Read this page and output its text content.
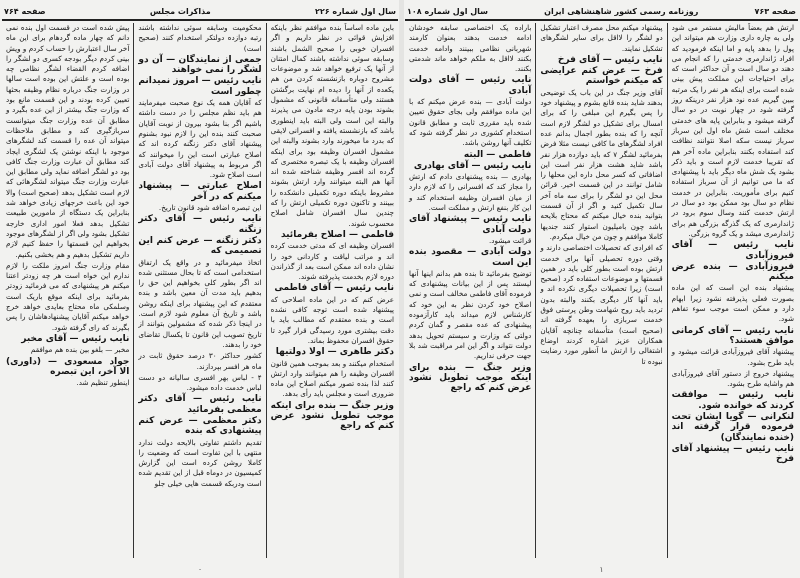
سال اول شماره ۲۲۶
مذاکرات مجلس
صفحه ۷۶۴

باین ماده اساساً بنده موافقم نظر باینکه افزایش قوائی در نظر داریم و اگر افسران خوبی را صحیح الشمل باشند وسابقه سوئی نداشته باشند کمال امتنان از آنها یک ترفیع خواهد شد و موضوعات مشروح دوباره بازنشسته کردن من هم یکعده از آنها را دیده ام نهایت برگشتن هستند ولی متأسفانه قانونی که مشمول بشوند بودن پایه درجه مادون می پذیرند والبته این است ولی البته باید اینطوری باشد که بازنشسته یافته و افسرانی لایقی که بدرد ما میخورند وارد بشوند والبته این مشمول افسران وظیفه بود برای اینکه افسران وظیفه با یک تبصره مختصری که گرده اند افسر وظیفه شناخته شده اند آنها هم البته میتوانند وارد ارتش بشوند مشروط باینکه دوره تکمیلی دانشکده را ببینند و تاکنون دوره تکمیلی ارتش را که چندین سال افسران شامل اصلاح محسوب شوند.

فاطمی — اصلاح بفرمائید

افسران وظیفه ای که مدتی خدمت کرده اند و مراتب لیاقت و کاردانی خود را نشان داده اند ممکن است بعد از گذراندن دوره لازم بخدمت پذیرفته شوند.

نایب رئیس — آقای فاطمی

عرض کنم که در این ماده اصلاحی که پیشنهاد شده است توجه کافی نشده است و بنده معتقدم که مطالب باید با دقت بیشتری مورد رسیدگی قرار گیرد تا حقوق افسران محفوظ بماند.

دکتر طاهری — اولا دولتیها

استخدام میکنند و بعد بموجب همین قانون افسران وظیفه را هم میتوانند وارد ارتش کنند لذا بنده تصور میکنم اصلاح این ماده ضروری است و مجلس باید رأی بدهد.

وزیر جنگ — بنده برای اینکه موجب تطویل نشود عرض کنم که راجع

محکومیت وسابقه سوئی نداشته باشند رتبه دوازده دولتکر استخدام کنند (صحیح است)

جمعی از نمایندگان — آن دو لشگر را نمی خواهند

نایب رئیس — امروز نمیدانم چطور است

که آقایان همه یک نوع صحبت میفرمایند هم باید نظم مجلس را در دست داشته باشیم اگر بنا بشود بیرون از نوبت آقایان صحبت کنند بنده این را لازم نبود بشنوم پیشنهاد آقای دکتر زنگنه کرده اند که اصلاح عبارتی است این را میخوانند که اگر مربوط به پیشنهاد آقای دولت آبادی است اصلاح شود.

اصلاح عبارتی — پیشنهاد میکنم که در آخر

این تبصره اضافه شود قانون تاریخ.

نایب رئیس — آقای دکتر زنگنه

دکتر زنگنه — عرض کنم این تصمیمی که

اتخاذ میفرمائید و در واقع یک ارتفاق استخدامی است که تا بحال مستثنی شده اند اگر بطور کلی بخواهیم این حق را بدهیم باید مدت آن معین باشد و بنده معتقدم که این پیشنهاد برای اینکه روشن باشد و تاریخ آن معلوم شود لازم است. در اینجا ذکر شده که مشمولین بتوانند از تاریخ تصویب این قانون تا یکسال تقاضای خود را بدهند.

کشور حداکثر ۳۰ درصد حقوق ثابت در ماه هر افسر بپردازند.

۴ - لباس بهر افسری سالیانه دو دست لباس خدمت داده میشود.

نایب رئیس — آقای دکتر معظمی بفرمائید

دکتر معظمی — عرض کنم پیشنهادی که بنده

تقدیم داشتم تفاوتی بالایحه دولت ندارد منتهی با این تفاوت است که وضعیت را کاملا روشن کرده است این گزارش کمیسیون در دوماه قبل از این تقدیم شده است ودربکه قسمت هایی خیلی جلو

پیش شده است در قسمت اول بنده نمی دانم که چهار ماده گردهام برای این ماه آخر سال اعتبارش را حساب کردم و ویش بینی کردم دیگر بودجه کسری دو لشگر را اضافه کردم القضاء لشگر نظامی چه بوده است و علتش این بوده است سالها در وزارت جنگ درباره نظام وظیفه بحثها تعیین کرده بودند و این قسمت مانع بود که وزارت جنگ بیشتر از این عده بگیرد و مطابق آن عده وزارت جنگ میتوانست سربازگیری کند و مطابق ملاحظات میتواند آن عده را قسمت کند لشگرهای موجود با اینکه نوشتن یک لشگری ایجاد کند مطابق آن عبارت وزارت جنگ کافی بود دو لشگر اضافه نماید ولی مطابق این عبارت وزارت جنگ میتواند لشگرهائی که لازم است تشکیل بدهد (صحیح است) والا خود این باعث خرجهای زیادی خواهد شد بنابراین یک دستگاه از مامورین طبیعت تشکیل بدهد فعلا امور اداری خارجه تشکیل بشود ولی اگر از لشگرهای موجود بخواهیم این قسمتها را حفظ کنیم لازم داریم تشکیل بدهیم و هم بخشی بکنیم.

مقام وزارت جنگ امروز ملکت را لازم ندارم این خواه است هر چه زودتر اعتنا میکنم هر پیشنهادی که می فرمائید زودتر بفرمائید برای اینکه موقع باریک است وسلمکی ماه محتاج بعایدی خواهد خرج خواهد میکنم آقایان پیشنهادهاشان را پس بگیرند که رای گرفته شود.

نایب رئیس — آقای مخبر

مخبر — بلغو بین بنده هم موافقم

جواد مسعودی — (داوری) الا آخر، این تبصره

اینطور تنظیم شد.

۰
صفحه ۷۶۳
روزنامه رسمی کشور شاهنشاهی ایران
سال اول شماره ۱۰۸

ارتش هم بعضاً مالیش مستمر می شود ولی به چاره داری وزارت هم میتواند این پول را بدهد پایه و اما اینکه فرمودید که افراد ژاندارمری خدمتی را که انجام می دهند دو سال است و آن حداکثر است که برای احتیاجات این مملکت پیش بینی شده است برای اینکه هر نفر را یک مرتبه ببین گیریم عده نود هزار نفر درینکه روز گرفته شود در چهار نوبت در دو سال گرفته میشود و بنابراین پایه های خدمتی مختلف است شش ماه اول این سرباز سرباز نیست سکه اصلا نتوانند نظافت کند استفاده بکنند بنابراین ماده آخر هم که تقریبا خدمت لازم است و باید ذکر بشود یک شش ماه دیگر باید با پیشنهادی که ما می توانیم از آن سرباز استفاده کنیم برای مأموریت. بنابراین در خدمت نظام دو سال بود ممکن بود دو سال در ارتش خدمت کنند وسال سوم برود در ژاندارمری که یک گذرگه بزرگی هم برای ژاندارمری میشد و یک گروه بزرگی.

نایب رئیس — آقای فیروزآبادی

فیروزآبادی — بنده عرض میکنم

پیشنهاد بنده این است که این ماده بصورت فعلی پذیرفته نشود زیرا ابهام دارد و ممکن است موجب سوء تفاهم شود.

نایب رئیس — آقای کرمانی موافق هستند؟

پیشنهاد آقای فیروزآبادی قرائت میشود و باید طرح بشود.

پیشنهاد خروج از دستور آقای فیروزآبادی هم واشایه طرح بشود.

نایب رئیس — موافقت کردند که خوانده شود.

لنکرانی — گویا ایشان تحت فرموده قرار گرفته اند (خنده نمایندگان)

نایب رئیس — پیشنهاد آقای فرخ

پیشنهاد میکنم محل مصرف اعتبار تشکیل دو لشگر را لااقل برای سایر لشگرهای تشکیل نمایند.

نایب رئیس — آقای فرخ

فرخ — عرض کنم عرایضی که میکنم خواستم

آقای وزیر جنگ در این باب یک توضیحی بدهند شاید بنده قانع بشوم و پیشنهاد خود را پس بگیرم این مبلغی را که برای امسال برای تشکیل دو لشگر لازم است آنچه را که بنده بطور اجمال بدانم عده افراد لشگرهای ما کافی نیست مثلا فرض بفرمائید لشگر ۷ که باید دوازده هزار نفر باشد شاید هشت هزار نفر است این اضافاتی که کسر محل داره این محلها را شامل توانند در این قسمت اخیر. قرائن محل این دو لشگر را برای سه ماه آخر سال تکمیل کنید و اگر از آن قسمت بتوانید بنده خیال میکنم که محتاج بلایحه باشد چون بامیلیون استوار کنند جندیها کاملا موافقم و چون من خیال میکردم.

که افرادی که تحصیلات اختصاصی دارند و وقتی دوره تحصیلی آنها برای خدمت ارتش بوده است بطور کلی باید در همین قسمتها و موضوعات استفاده کرد (صحیح است) زیرا تحصیلات دیگری نکرده اند و باید آنها کار دیگری بکنند والبته بدون تردید باید روح شهامت وطن پرستی فوق خدمت سربازی را بعهده گرفته اند (صحیح است) متأسفانه چنانچه آقایان همکاران عزیز اشاره کردند اوضاع اشتغالی را ارتش ما آنطور مورد رضایت نبوده تا

باراده یک اختصاصی سابقه خودشان ادامه خدمت بدهند بعنوان کارمند شهربانی نظامی ببینند وادامه خدمت بکنند لااقل به ملکم خواهد ماند شدمتی بکنند.

نایب رئیس — آقای دولت آبادی

دولت آبادی — بنده عرض میکنم که با این ماده موافقم ولی بجای حقوق تعیین شده باید مقرری ثابت و مطابق قانون استخدام کشوری در نظر گرفته شود که تکلیف آنها روشن باشد.

فاطمی — البته

نایب رئیس — آقای بهادری

بهادری — بنده پیشنهادی دادم که ارتش را مجاز کند که افسرانی را که لازم دارد از میان افسران وظیفه استخدام کند و این کار بنفع ارتش و مملکت است.

نایب رئیس — پیشنهاد آقای دولت آبادی

قرائت میشود.

دولت آبادی — مقصود بنده این است

توضیح بفرمائید تا بنده هم بدانم اینها آنها لیستند پس از این بیانات پیشنهادی که فرموده آقای فاطمی مخالف است و نمی اصلاح خود کردن نظر به این خود که کارشناس لازم میداند باید کارآزموده پیشنهادی که عده مقصر و گمان کردم دولتی که وزارت و سیستم تحویل بدهد دولت نتواند و اگر این امر مراقبت شد بلا جهت حرفی نداریم.

وزیر جنگ — بنده برای اینکه موجب تطویل نشود عرض کنم که راجع

۱
